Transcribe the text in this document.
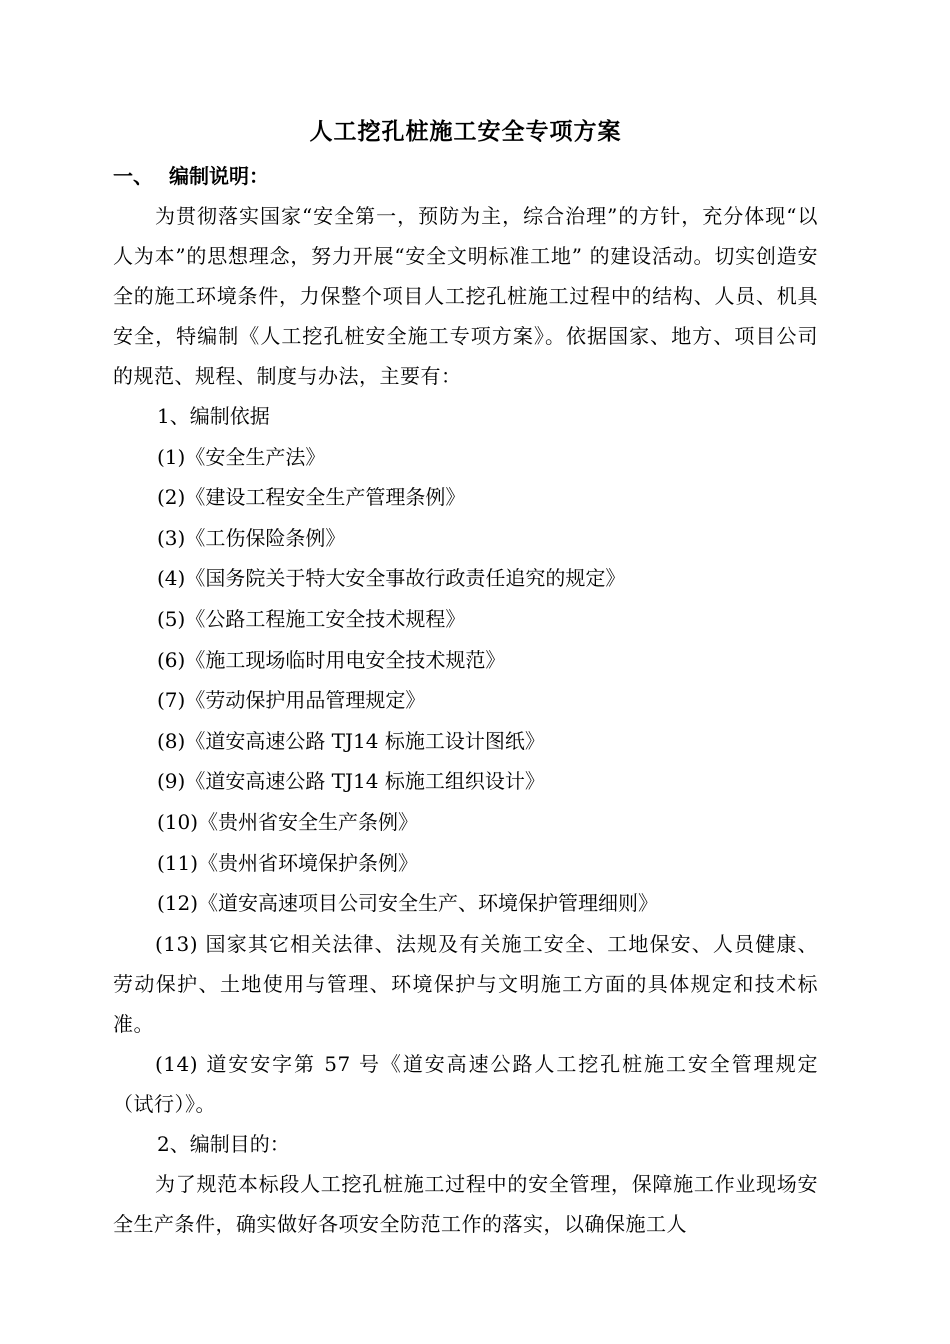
人工挖孔桩施工安全专项方案

一、 编制说明：

为贯彻落实国家“安全第一，预防为主，综合治理”的方针，充分体现“以人为本”的思想理念，努力开展“安全文明标准工地” 的建设活动。切实创造安全的施工环境条件，力保整个项目人工挖孔桩施工过程中的结构、人员、机具安全，特编制《人工挖孔桩安全施工专项方案》。依据国家、地方、项目公司的规范、规程、制度与办法，主要有：

1、编制依据

(1)《安全生产法》

(2)《建设工程安全生产管理条例》

(3)《工伤保险条例》

(4)《国务院关于特大安全事故行政责任追究的规定》

(5)《公路工程施工安全技术规程》

(6)《施工现场临时用电安全技术规范》

(7)《劳动保护用品管理规定》

(8)《道安高速公路 TJ14 标施工设计图纸》

(9)《道安高速公路 TJ14 标施工组织设计》

(10)《贵州省安全生产条例》

(11)《贵州省环境保护条例》

(12)《道安高速项目公司安全生产、环境保护管理细则》

(13) 国家其它相关法律、法规及有关施工安全、工地保安、人员健康、劳动保护、土地使用与管理、环境保护与文明施工方面的具体规定和技术标准。

(14) 道安安字第 57 号《道安高速公路人工挖孔桩施工安全管理规定（试行）》。

2、编制目的：

为了规范本标段人工挖孔桩施工过程中的安全管理，保障施工作业现场安全生产条件，确实做好各项安全防范工作的落实，以确保施工人
